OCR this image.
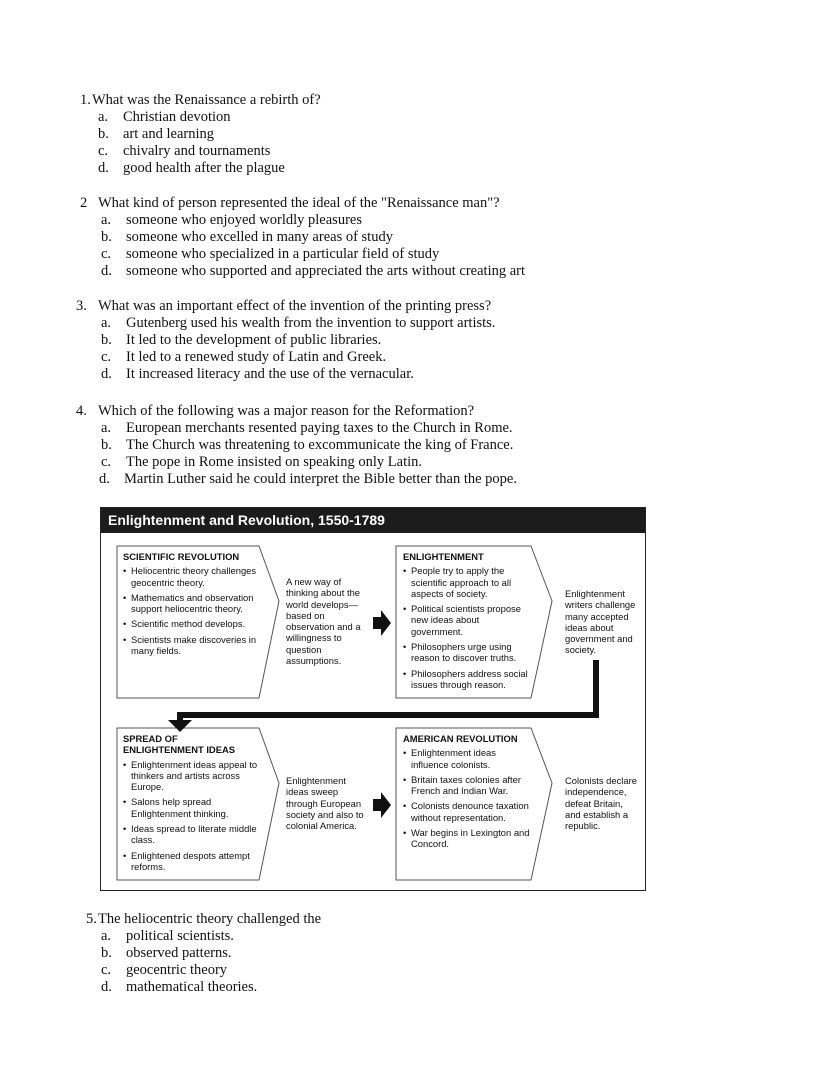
1. What was the Renaissance a rebirth of?
a. Christian devotion
b. art and learning
c. chivalry and tournaments
d. good health after the plague
2 What kind of person represented the ideal of the "Renaissance man"?
a. someone who enjoyed worldly pleasures
b. someone who excelled in many areas of study
c. someone who specialized in a particular field of study
d. someone who supported and appreciated the arts without creating art
3. What was an important effect of the invention of the printing press?
a. Gutenberg used his wealth from the invention to support artists.
b. It led to the development of public libraries.
c. It led to a renewed study of Latin and Greek.
d. It increased literacy and the use of the vernacular.
4. Which of the following was a major reason for the Reformation?
a. European merchants resented paying taxes to the Church in Rome.
b. The Church was threatening to excommunicate the king of France.
c. The pope in Rome insisted on speaking only Latin.
d. Martin Luther said he could interpret the Bible better than the pope.
Enlightenment and Revolution, 1550-1789
SCIENTIFIC REVOLUTION
• Heliocentric theory challenges geocentric theory.
• Mathematics and observation support heliocentric theory.
• Scientific method develops.
• Scientists make discoveries in many fields.
A new way of thinking about the world develops—based on observation and a willingness to question assumptions.
ENLIGHTENMENT
• People try to apply the scientific approach to all aspects of society.
• Political scientists propose new ideas about government.
• Philosophers urge using reason to discover truths.
• Philosophers address social issues through reason.
Enlightenment writers challenge many accepted ideas about government and society.
SPREAD OF ENLIGHTENMENT IDEAS
• Enlightenment ideas appeal to thinkers and artists across Europe.
• Salons help spread Enlightenment thinking.
• Ideas spread to literate middle class.
• Enlightened despots attempt reforms.
Enlightenment ideas sweep through European society and also to colonial America.
AMERICAN REVOLUTION
• Enlightenment ideas influence colonists.
• Britain taxes colonies after French and Indian War.
• Colonists denounce taxation without representation.
• War begins in Lexington and Concord.
Colonists declare independence, defeat Britain, and establish a republic.
5. The heliocentric theory challenged the
a. political scientists.
b. observed patterns.
c. geocentric theory
d. mathematical theories.
